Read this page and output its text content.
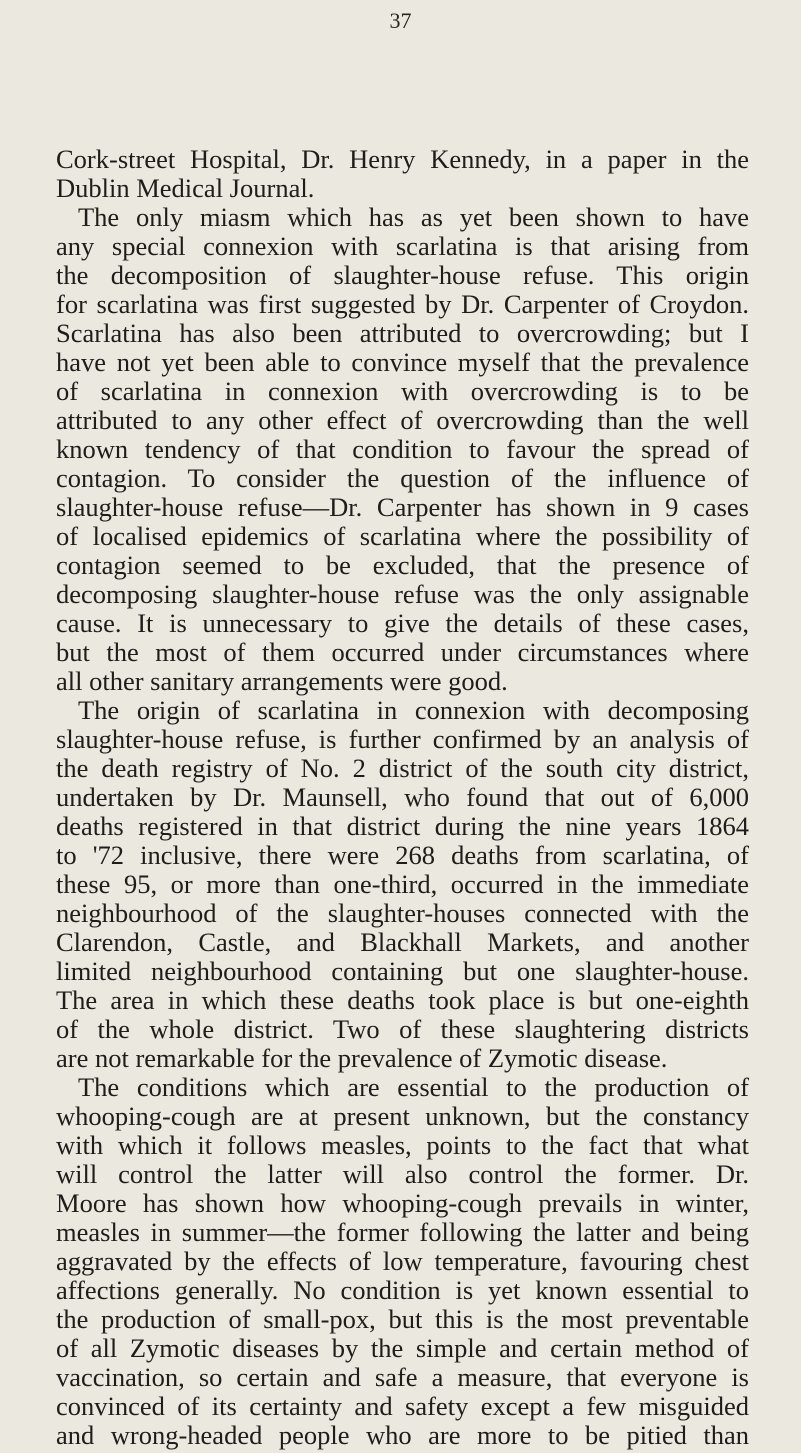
37
Cork-street Hospital, Dr. Henry Kennedy, in a paper in the
Dublin Medical Journal.
The only miasm which has as yet been shown to have
any special connexion with scarlatina is that arising from
the decomposition of slaughter-house refuse. This origin
for scarlatina was first suggested by Dr. Carpenter of Croydon.
Scarlatina has also been attributed to overcrowding; but I
have not yet been able to convince myself that the prevalence
of scarlatina in connexion with overcrowding is to be
attributed to any other effect of overcrowding than the well
known tendency of that condition to favour the spread of
contagion. To consider the question of the influence of
slaughter-house refuse—Dr. Carpenter has shown in 9 cases
of localised epidemics of scarlatina where the possibility of
contagion seemed to be excluded, that the presence of
decomposing slaughter-house refuse was the only assignable
cause. It is unnecessary to give the details of these cases,
but the most of them occurred under circumstances where
all other sanitary arrangements were good.
The origin of scarlatina in connexion with decomposing
slaughter-house refuse, is further confirmed by an analysis of
the death registry of No. 2 district of the south city district,
undertaken by Dr. Maunsell, who found that out of 6,000
deaths registered in that district during the nine years 1864
to '72 inclusive, there were 268 deaths from scarlatina, of
these 95, or more than one-third, occurred in the immediate
neighbourhood of the slaughter-houses connected with the
Clarendon, Castle, and Blackhall Markets, and another
limited neighbourhood containing but one slaughter-house.
The area in which these deaths took place is but one-eighth
of the whole district. Two of these slaughtering districts
are not remarkable for the prevalence of Zymotic disease.
The conditions which are essential to the production of
whooping-cough are at present unknown, but the constancy
with which it follows measles, points to the fact that what
will control the latter will also control the former. Dr.
Moore has shown how whooping-cough prevails in winter,
measles in summer—the former following the latter and being
aggravated by the effects of low temperature, favouring chest
affections generally. No condition is yet known essential to
the production of small-pox, but this is the most preventable
of all Zymotic diseases by the simple and certain method of
vaccination, so certain and safe a measure, that everyone is
convinced of its certainty and safety except a few misguided
and wrong-headed people who are more to be pitied than
